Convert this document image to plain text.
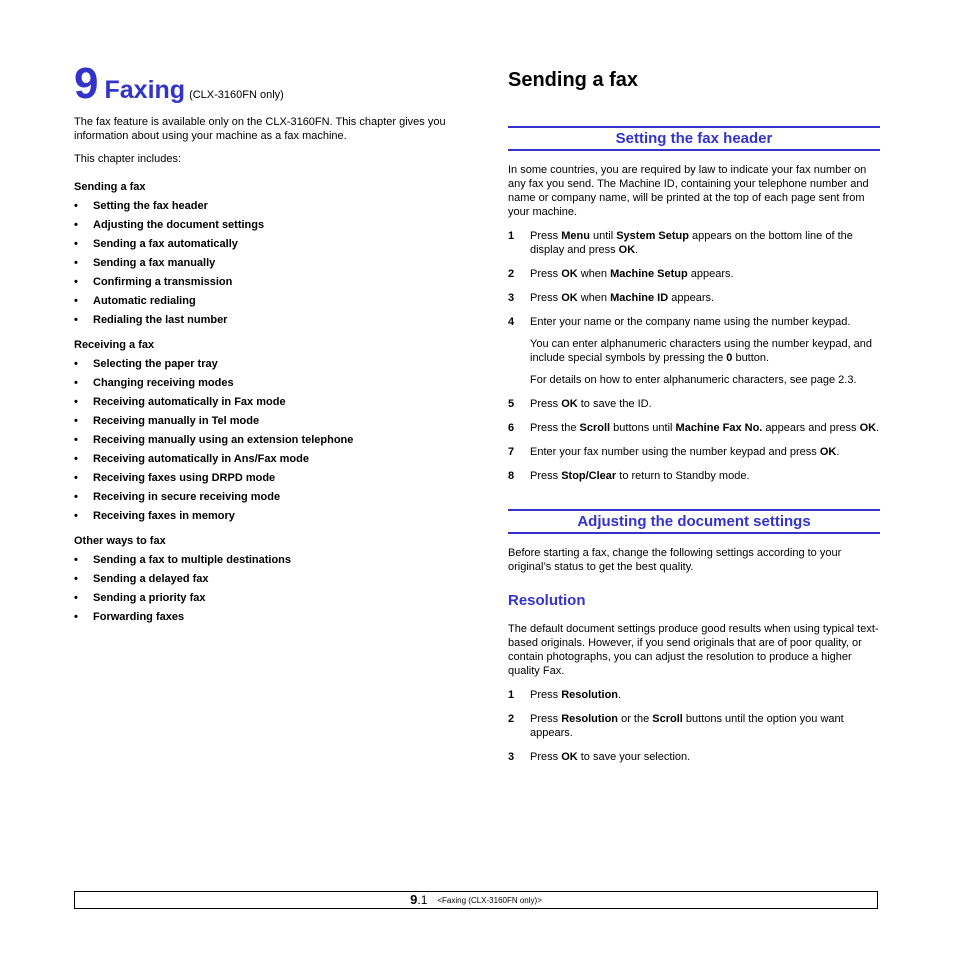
9 Faxing (CLX-3160FN only)

The fax feature is available only on the CLX-3160FN. This chapter gives you information about using your machine as a fax machine.

This chapter includes:

Sending a fax
• Setting the fax header
• Adjusting the document settings
• Sending a fax automatically
• Sending a fax manually
• Confirming a transmission
• Automatic redialing
• Redialing the last number
Receiving a fax
• Selecting the paper tray
• Changing receiving modes
• Receiving automatically in Fax mode
• Receiving manually in Tel mode
• Receiving manually using an extension telephone
• Receiving automatically in Ans/Fax mode
• Receiving faxes using DRPD mode
• Receiving in secure receiving mode
• Receiving faxes in memory
Other ways to fax
• Sending a fax to multiple destinations
• Sending a delayed fax
• Sending a priority fax
• Forwarding faxes
Sending a fax
Setting the fax header

In some countries, you are required by law to indicate your fax number on any fax you send. The Machine ID, containing your telephone number and name or company name, will be printed at the top of each page sent from your machine.

1 Press Menu until System Setup appears on the bottom line of the display and press OK.
2 Press OK when Machine Setup appears.
3 Press OK when Machine ID appears.
4 Enter your name or the company name using the number keypad.
You can enter alphanumeric characters using the number keypad, and include special symbols by pressing the 0 button.
For details on how to enter alphanumeric characters, see page 2.3.
5 Press OK to save the ID.
6 Press the Scroll buttons until Machine Fax No. appears and press OK.
7 Enter your fax number using the number keypad and press OK.
8 Press Stop/Clear to return to Standby mode.
Adjusting the document settings

Before starting a fax, change the following settings according to your original’s status to get the best quality.

Resolution

The default document settings produce good results when using typical text-based originals. However, if you send originals that are of poor quality, or contain photographs, you can adjust the resolution to produce a higher quality Fax.

1 Press Resolution.
2 Press Resolution or the Scroll buttons until the option you want appears.
3 Press OK to save your selection.
9.1 <Faxing (CLX-3160FN only)>
